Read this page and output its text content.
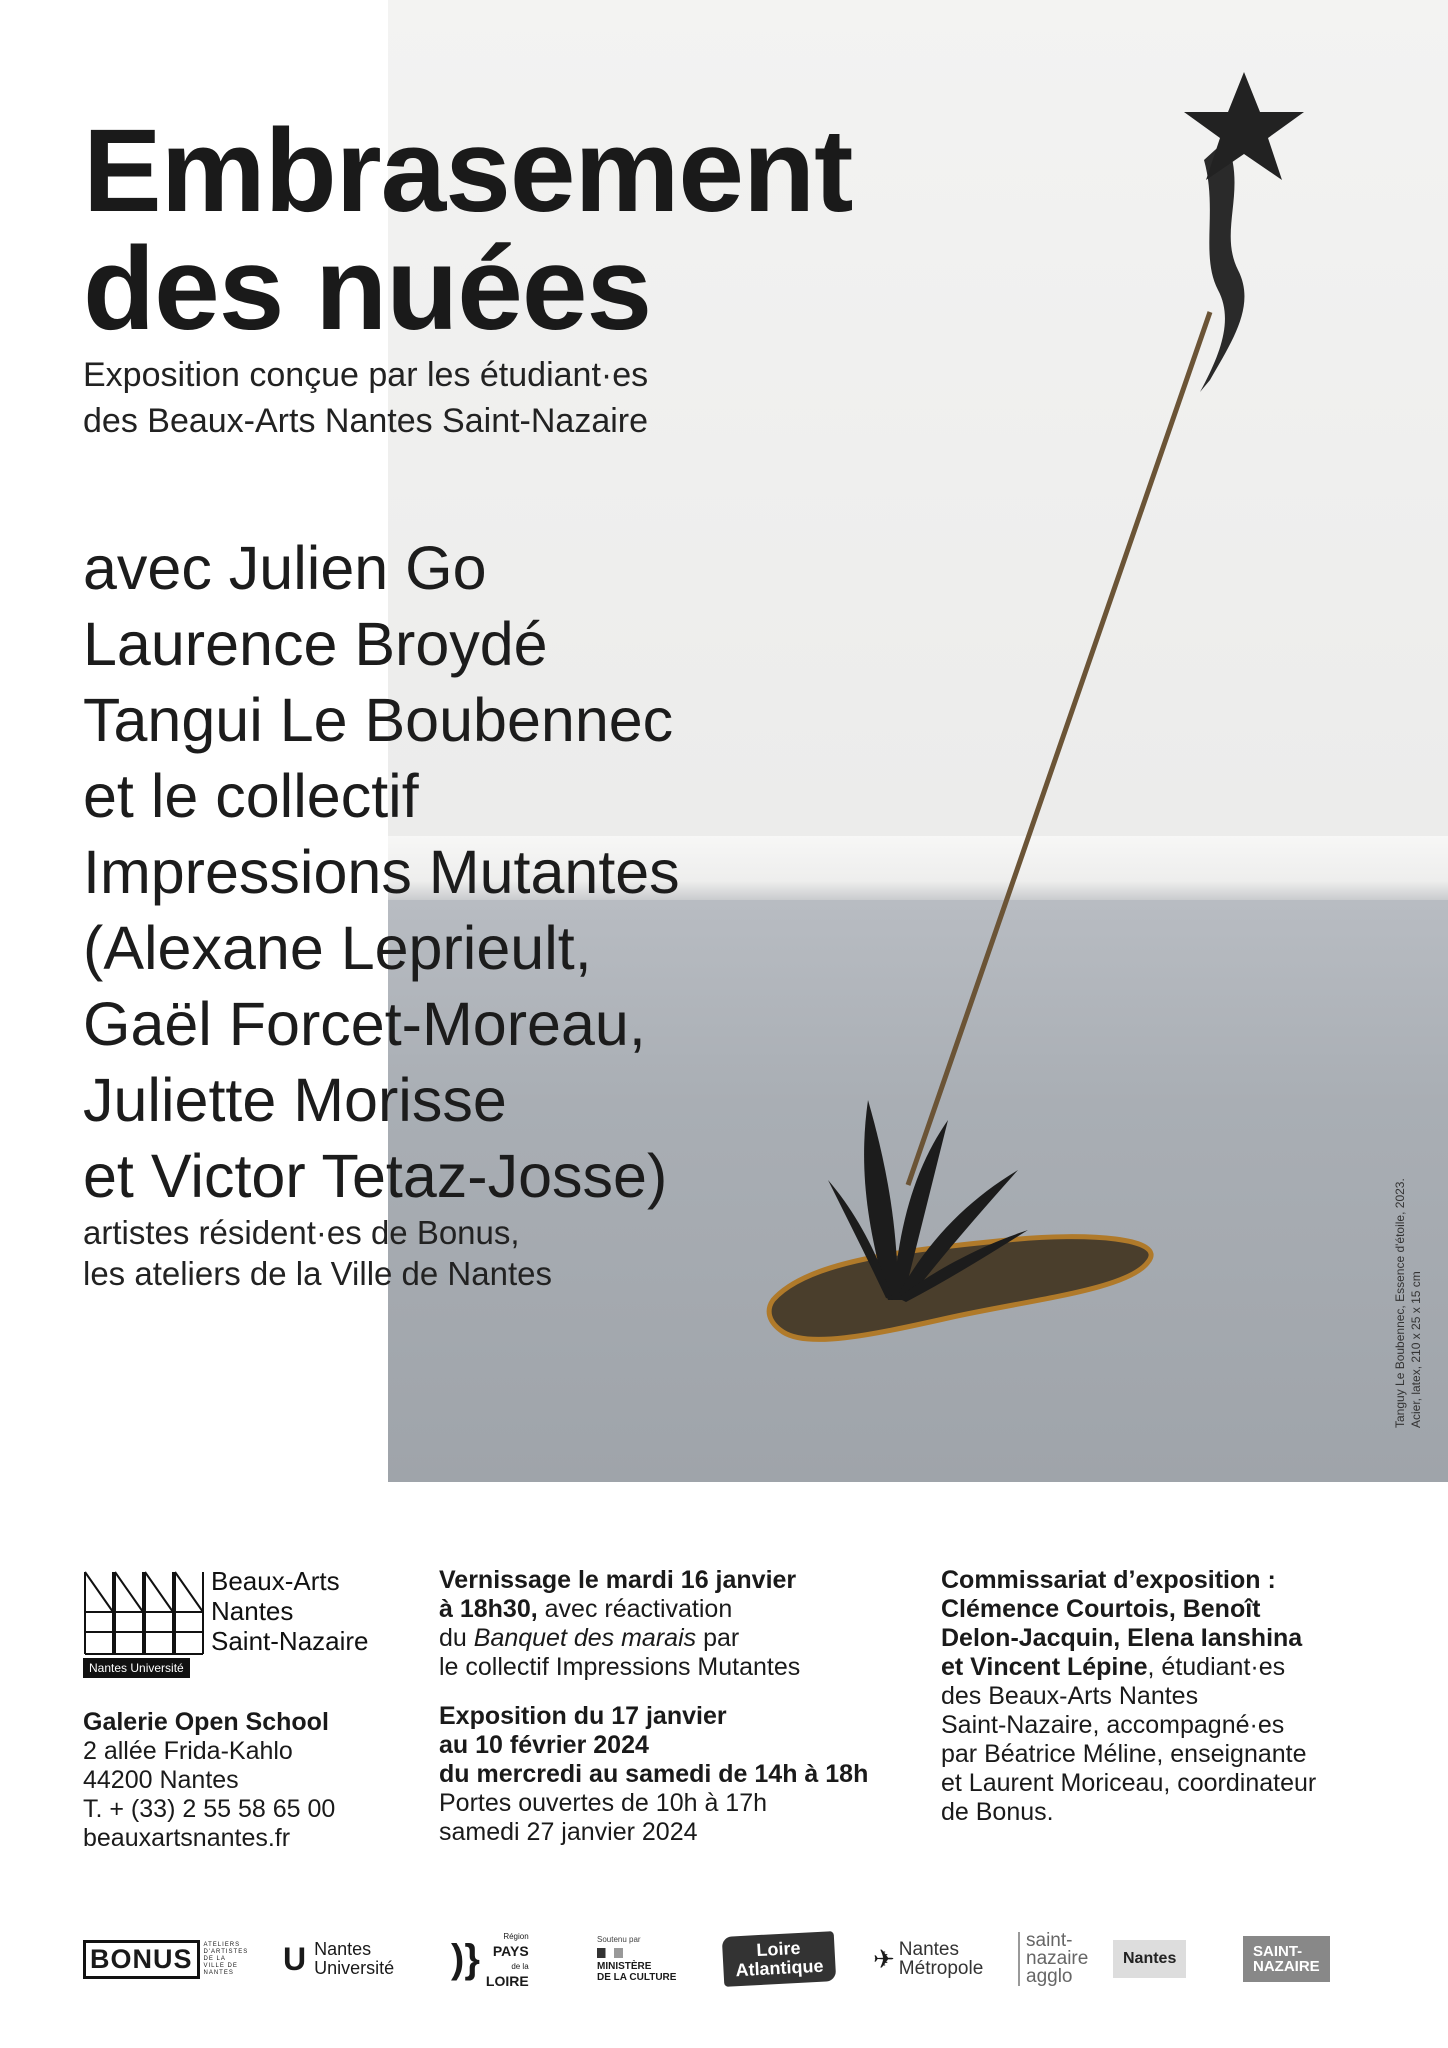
Tanguy Le Boubennec, Essence d'étoile, 2023. Acier, latex, 210 x 25 x 15 cm
Embrasement
des nuées
Exposition conçue par les étudiant·es
des Beaux-Arts Nantes Saint-Nazaire
avec Julien Go
Laurence Broydé
Tangui Le Boubennec
et le collectif
Impressions Mutantes
(Alexane Leprieult,
Gaël Forcet-Moreau,
Juliette Morisse
et Victor Tetaz-Josse)
artistes résident·es de Bonus,
les ateliers de la Ville de Nantes
Beaux-Arts
Nantes
Saint-Nazaire
Nantes Université
Galerie Open School
2 allée Frida-Kahlo
44200 Nantes
T. + (33) 2 55 58 65 00
beauxartsnantes.fr
Vernissage le mardi 16 janvier
à 18h30, avec réactivation
du Banquet des marais par
le collectif Impressions Mutantes
Exposition du 17 janvier
au 10 février 2024
du mercredi au samedi de 14h à 18h
Portes ouvertes de 10h à 17h
samedi 27 janvier 2024
Commissariat d’exposition :
Clémence Courtois, Benoît
Delon-Jacquin, Elena Ianshina
et Vincent Lépine, étudiant·es
des Beaux-Arts Nantes
Saint-Nazaire, accompagné·es
par Béatrice Méline, enseignante
et Laurent Moriceau, coordinateur
de Bonus.
BONUS	ATELIERS D'ARTISTES DE LA VILLE DE NANTES	U Nantes
Université )}	Région
PAYS
de la
LOIRE
Soutenu par
MINISTÈRE
DE LA CULTURE
Loire
Atlantique ✈ Nantes
Métropole
saint-
nazaire
agglo
Nantes	SAINT-
NAZAIRE
